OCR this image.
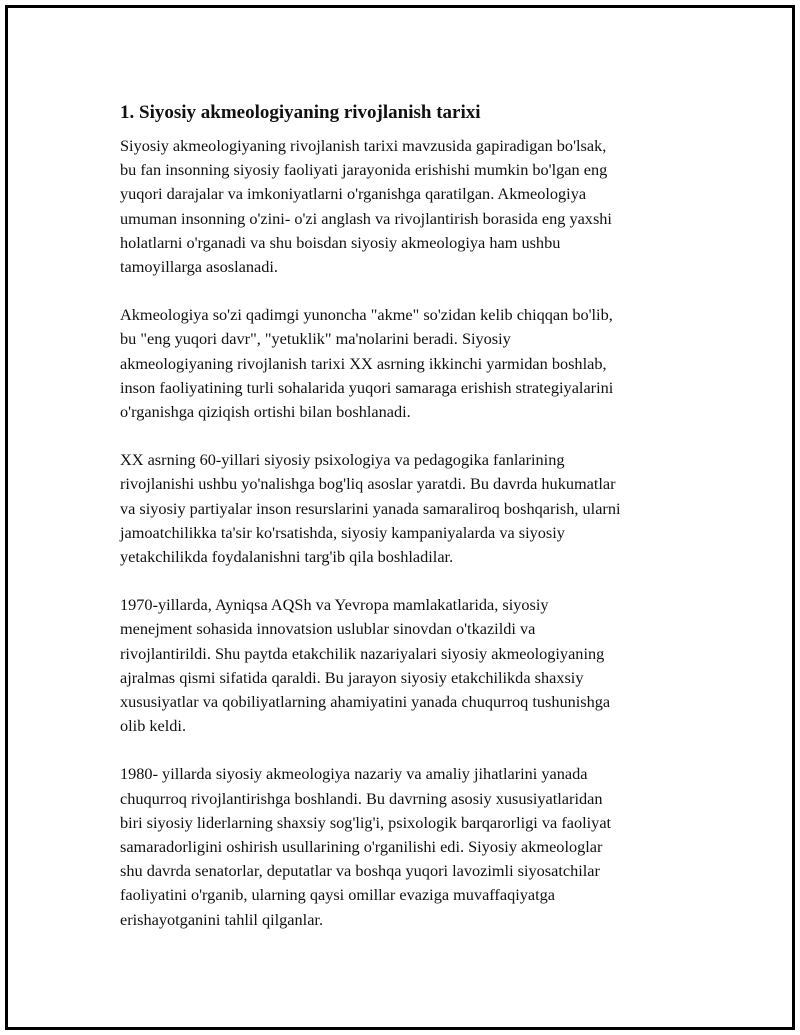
1. Siyosiy akmeologiyaning rivojlanish tarixi

Siyosiy akmeologiyaning rivojlanish tarixi mavzusida gapiradigan bo'lsak,
bu fan insonning siyosiy faoliyati jarayonida erishishi mumkin bo'lgan eng
yuqori darajalar va imkoniyatlarni o'rganishga qaratilgan. Akmeologiya
umuman insonning o'zini- o'zi anglash va rivojlantirish borasida eng yaxshi
holatlarni o'rganadi va shu boisdan siyosiy akmeologiya ham ushbu
tamoyillarga asoslanadi.

Akmeologiya so'zi qadimgi yunoncha "akme" so'zidan kelib chiqqan bo'lib,
bu "eng yuqori davr", "yetuklik" ma'nolarini beradi. Siyosiy
akmeologiyaning rivojlanish tarixi XX asrning ikkinchi yarmidan boshlab,
inson faoliyatining turli sohalarida yuqori samaraga erishish strategiyalarini
o'rganishga qiziqish ortishi bilan boshlanadi.

XX asrning 60-yillari siyosiy psixologiya va pedagogika fanlarining
rivojlanishi ushbu yo'nalishga bog'liq asoslar yaratdi. Bu davrda hukumatlar
va siyosiy partiyalar inson resurslarini yanada samaraliroq boshqarish, ularni
jamoatchilikka ta'sir ko'rsatishda, siyosiy kampaniyalarda va siyosiy
yetakchilikda foydalanishni targ'ib qila boshladilar.

1970-yillarda, Ayniqsa AQSh va Yevropa mamlakatlarida, siyosiy
menejment sohasida innovatsion uslublar sinovdan o'tkazildi va
rivojlantirildi. Shu paytda etakchilik nazariyalari siyosiy akmeologiyaning
ajralmas qismi sifatida qaraldi. Bu jarayon siyosiy etakchilikda shaxsiy
xususiyatlar va qobiliyatlarning ahamiyatini yanada chuqurroq tushunishga
olib keldi.

1980- yillarda siyosiy akmeologiya nazariy va amaliy jihatlarini yanada
chuqurroq rivojlantirishga boshlandi. Bu davrning asosiy xususiyatlaridan
biri siyosiy liderlarning shaxsiy sog'lig'i, psixologik barqarorligi va faoliyat
samaradorligini oshirish usullarining o'rganilishi edi. Siyosiy akmeologlar
shu davrda senatorlar, deputatlar va boshqa yuqori lavozimli siyosatchilar
faoliyatini o'rganib, ularning qaysi omillar evaziga muvaffaqiyatga
erishayotganini tahlil qilganlar.
